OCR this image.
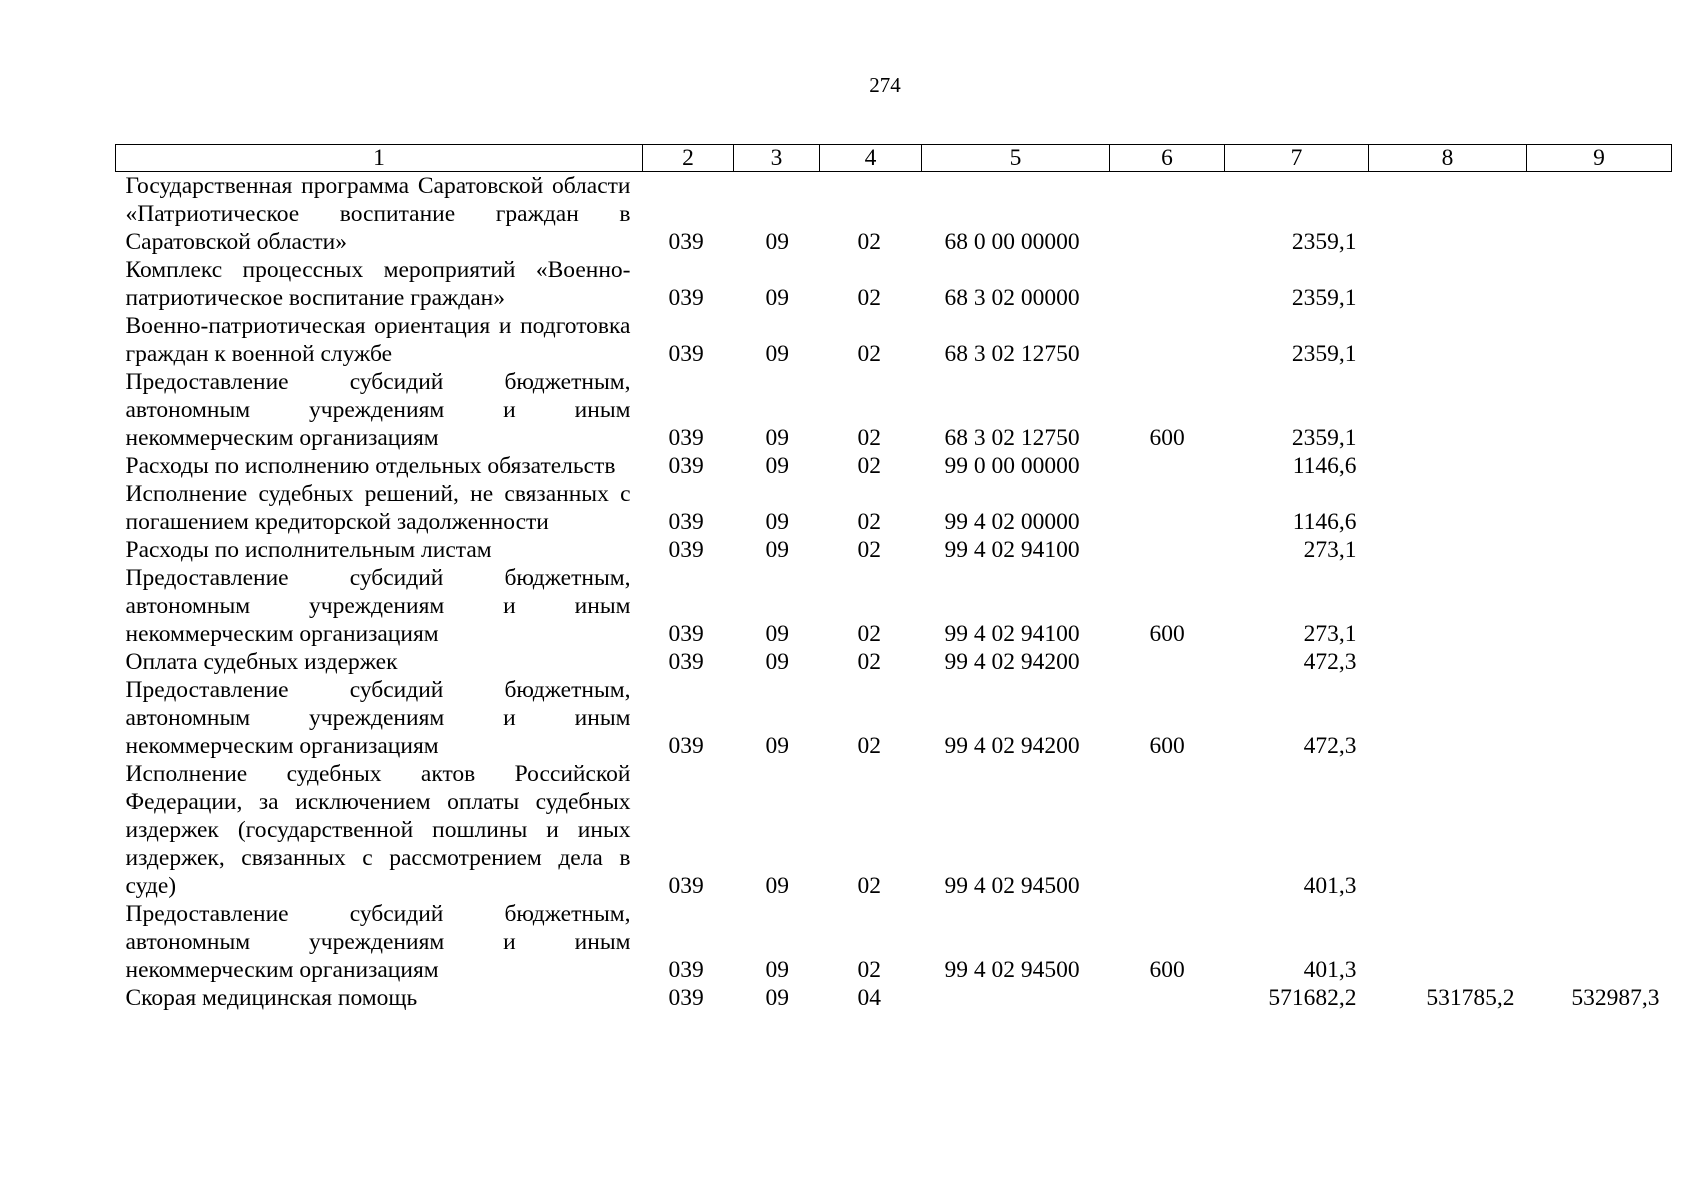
274
1	2	3	4	5	6	7	8	9
Государственная программа Саратовской области «Патриотическое воспитание граждан в Саратовской области»	039	09	02	68 0 00 00000		2359,1		
Комплекс процессных мероприятий «Военно-патриотическое воспитание граждан»	039	09	02	68 3 02 00000		2359,1		
Военно-патриотическая ориентация и подготовка граждан к военной службе	039	09	02	68 3 02 12750		2359,1		
Предоставление субсидий бюджетным, автономным учреждениям и иным некоммерческим организациям	039	09	02	68 3 02 12750	600	2359,1		
Расходы по исполнению отдельных обязательств	039	09	02	99 0 00 00000		1146,6		
Исполнение судебных решений, не связанных с погашением кредиторской задолженности	039	09	02	99 4 02 00000		1146,6		
Расходы по исполнительным листам	039	09	02	99 4 02 94100		273,1		
Предоставление субсидий бюджетным, автономным учреждениям и иным некоммерческим организациям	039	09	02	99 4 02 94100	600	273,1		
Оплата судебных издержек	039	09	02	99 4 02 94200		472,3		
Предоставление субсидий бюджетным, автономным учреждениям и иным некоммерческим организациям	039	09	02	99 4 02 94200	600	472,3		
Исполнение судебных актов Российской Федерации, за исключением оплаты судебных издержек (государственной пошлины и иных издержек, связанных с рассмотрением дела в суде)	039	09	02	99 4 02 94500		401,3		
Предоставление субсидий бюджетным, автономным учреждениям и иным некоммерческим организациям	039	09	02	99 4 02 94500	600	401,3		
Скорая медицинская помощь	039	09	04			571682,2	531785,2	532987,3
